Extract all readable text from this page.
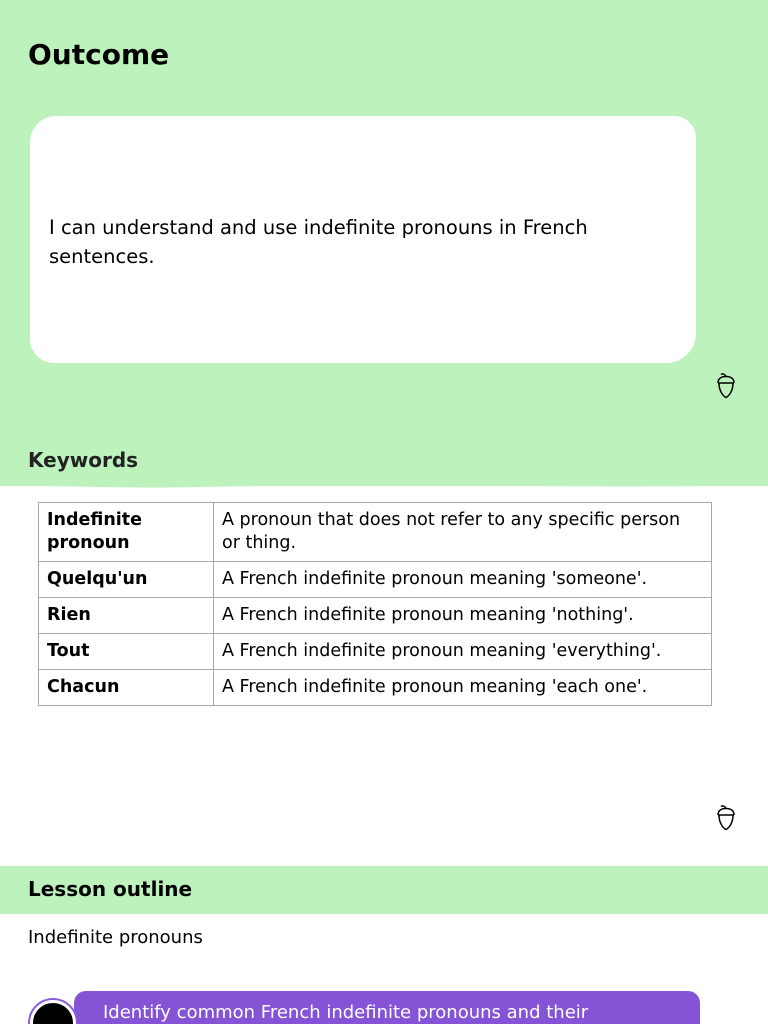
Outcome
I can understand and use indefinite pronouns in French sentences.
Keywords
Indefinite pronoun	A pronoun that does not refer to any specific person or thing.
Quelqu'un	A French indefinite pronoun meaning 'someone'.
Rien	A French indefinite pronoun meaning 'nothing'.
Tout	A French indefinite pronoun meaning 'everything'.
Chacun	A French indefinite pronoun meaning 'each one'.
Lesson outline
Indefinite pronouns
Identify common French indefinite pronouns and their
